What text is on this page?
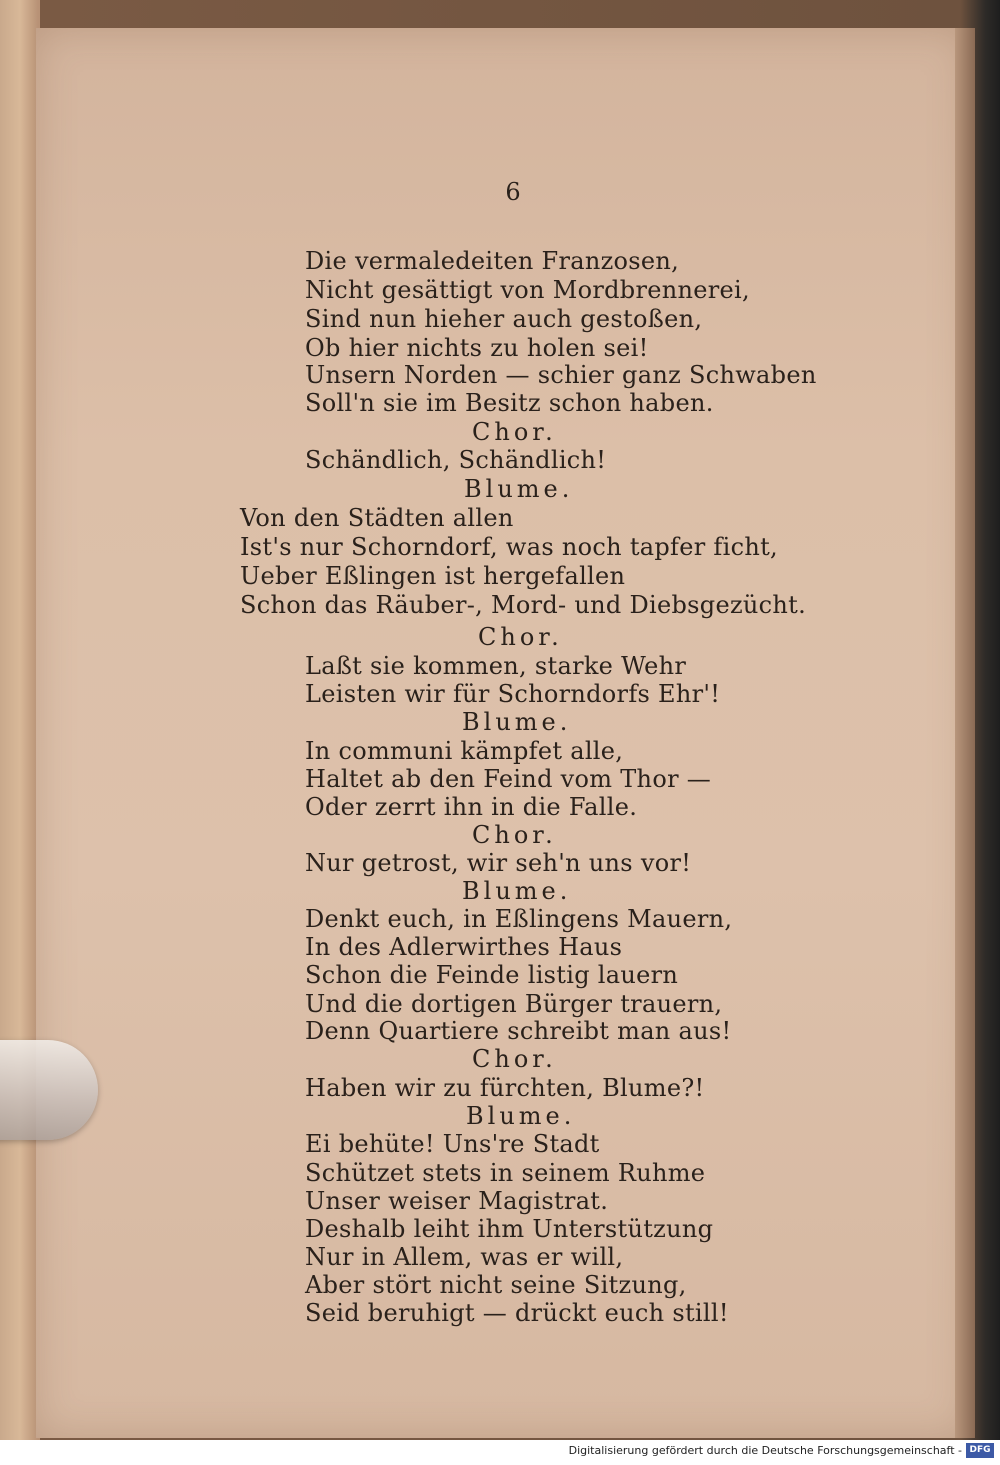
6
Die vermaledeiten Franzosen,
Nicht gesättigt von Mordbrennerei,
Sind nun hieher auch gestoßen,
Ob hier nichts zu holen sei!
Unsern Norden — schier ganz Schwaben
Soll'n sie im Besitz schon haben.
Chor.
Schändlich, Schändlich!
Blume.
Von den Städten allen
Ist's nur Schorndorf, was noch tapfer ficht,
Ueber Eßlingen ist hergefallen
Schon das Räuber-, Mord- und Diebsgezücht.
Chor.
Laßt sie kommen, starke Wehr
Leisten wir für Schorndorfs Ehr'!
Blume.
In communi kämpfet alle,
Haltet ab den Feind vom Thor —
Oder zerrt ihn in die Falle.
Chor.
Nur getrost, wir seh'n uns vor!
Blume.
Denkt euch, in Eßlingens Mauern,
In des Adlerwirthes Haus
Schon die Feinde listig lauern
Und die dortigen Bürger trauern,
Denn Quartiere schreibt man aus!
Chor.
Haben wir zu fürchten, Blume?!
Blume.
Ei behüte! Uns're Stadt
Schützet stets in seinem Ruhme
Unser weiser Magistrat.
Deshalb leiht ihm Unterstützung
Nur in Allem, was er will,
Aber stört nicht seine Sitzung,
Seid beruhigt — drückt euch still!
Digitalisierung gefördert durch die Deutsche Forschungsgemeinschaft - DFG
